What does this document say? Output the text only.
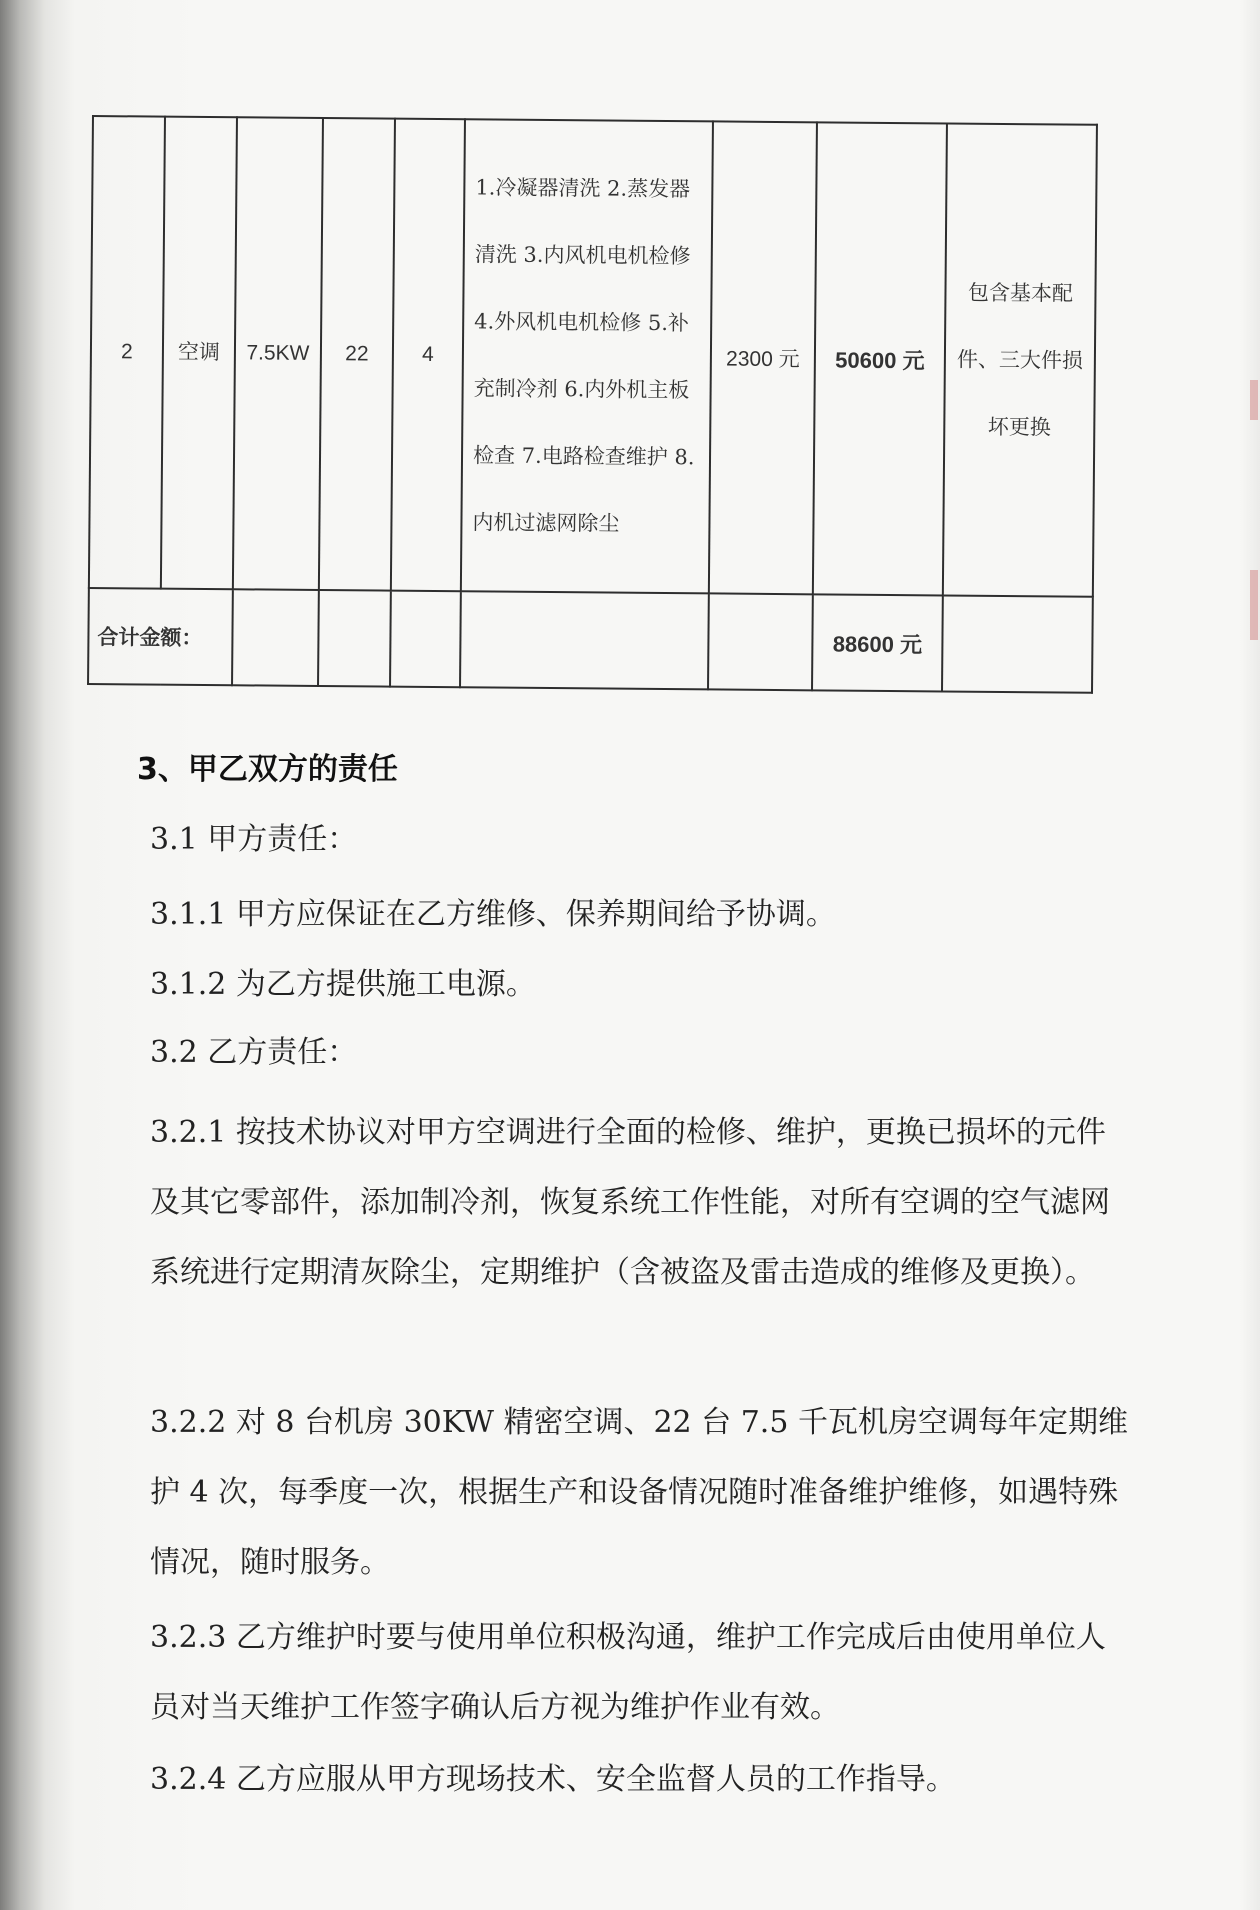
2	空调	7.5KW	22	4	1.冷凝器清洗 2.蒸发器清洗 3.内风机电机检修 4.外风机电机检修 5.补充制冷剂 6.内外机主板检查 7.电路检查维护 8.内机过滤网除尘	2300 元	50600 元	包含基本配件、三大件损坏更换
合计金额：							88600 元	
3、甲乙双方的责任

3.1 甲方责任：

3.1.1 甲方应保证在乙方维修、保养期间给予协调。

3.1.2 为乙方提供施工电源。

3.2 乙方责任：

3.2.1 按技术协议对甲方空调进行全面的检修、维护，更换已损坏的元件及其它零部件，添加制冷剂，恢复系统工作性能，对所有空调的空气滤网系统进行定期清灰除尘，定期维护（含被盗及雷击造成的维修及更换）。

3.2.2 对 8 台机房 30KW 精密空调、22 台 7.5 千瓦机房空调每年定期维护 4 次，每季度一次，根据生产和设备情况随时准备维护维修，如遇特殊情况，随时服务。

3.2.3 乙方维护时要与使用单位积极沟通，维护工作完成后由使用单位人员对当天维护工作签字确认后方视为维护作业有效。

3.2.4 乙方应服从甲方现场技术、安全监督人员的工作指导。
